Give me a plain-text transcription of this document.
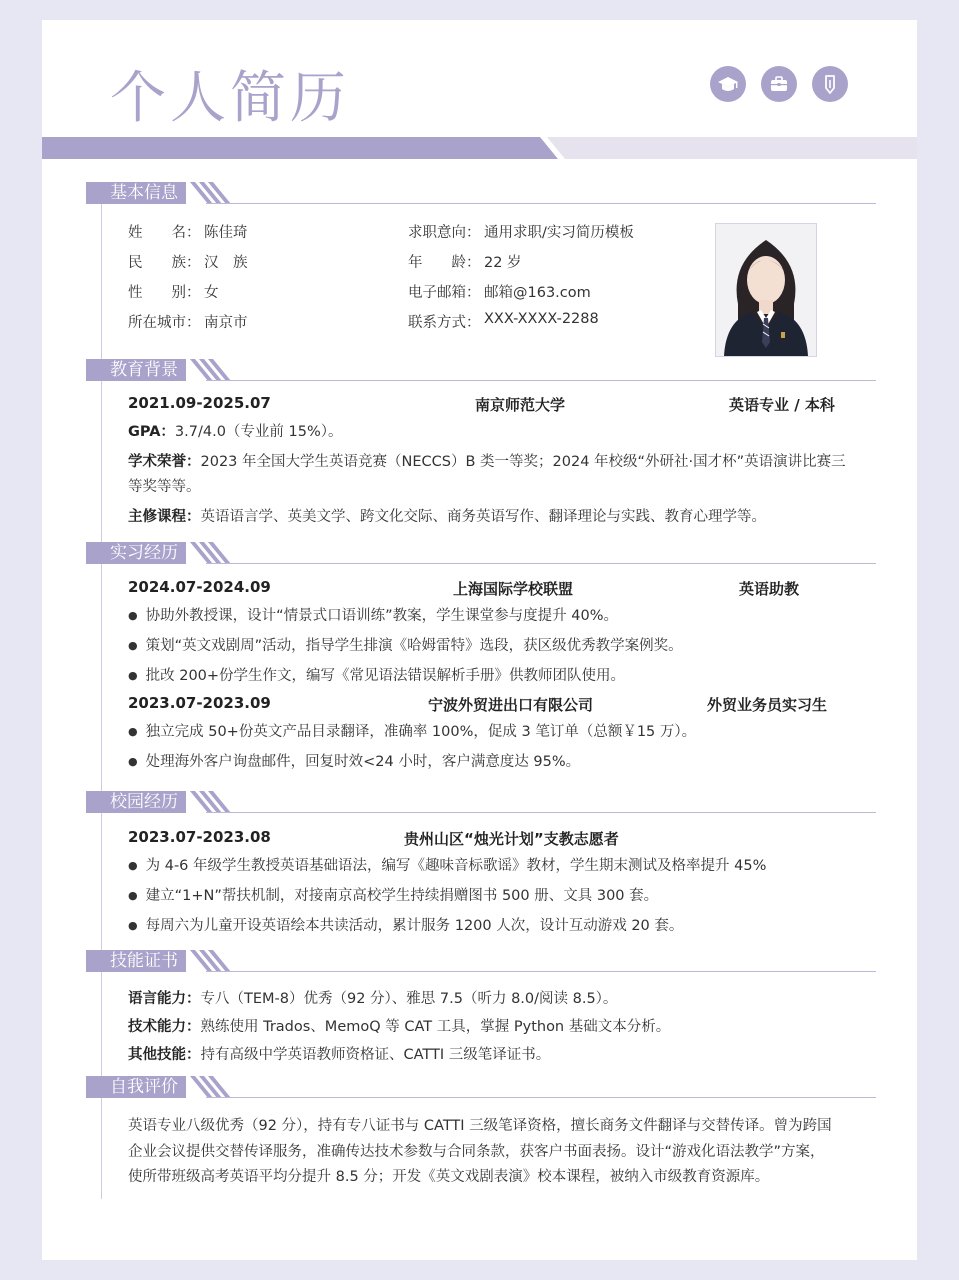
个人简历
基本信息
姓　　名： 陈佳琦
民　　族： 汉　族
性　　别： 女
所在城市： 南京市
求职意向： 通用求职/实习简历模板
年　　龄： 22 岁
电子邮箱： 邮箱@163.com
联系方式： XXX-XXXX-2288
教育背景
2021.09-2025.07	南京师范大学	英语专业 / 本科
GPA：3.7/4.0（专业前 15%）。
学术荣誉：2023 年全国大学生英语竞赛（NECCS）B 类一等奖；2024 年校级“外研社·国才杯”英语演讲比赛三
等奖等等。
主修课程：英语语言学、英美文学、跨文化交际、商务英语写作、翻译理论与实践、教育心理学等。
实习经历
2024.07-2024.09	上海国际学校联盟	英语助教
● 协助外教授课，设计“情景式口语训练”教案，学生课堂参与度提升 40%。
● 策划“英文戏剧周”活动，指导学生排演《哈姆雷特》选段，获区级优秀教学案例奖。
● 批改 200+份学生作文，编写《常见语法错误解析手册》供教师团队使用。
2023.07-2023.09	宁波外贸进出口有限公司	外贸业务员实习生
● 独立完成 50+份英文产品目录翻译，准确率 100%，促成 3 笔订单（总额￥15 万）。
● 处理海外客户询盘邮件，回复时效<24 小时，客户满意度达 95%。
校园经历
2023.07-2023.08	贵州山区“烛光计划”支教志愿者
● 为 4-6 年级学生教授英语基础语法，编写《趣味音标歌谣》教材，学生期末测试及格率提升 45%
● 建立“1+N”帮扶机制，对接南京高校学生持续捐赠图书 500 册、文具 300 套。
● 每周六为儿童开设英语绘本共读活动，累计服务 1200 人次，设计互动游戏 20 套。
技能证书
语言能力：专八（TEM-8）优秀（92 分）、雅思 7.5（听力 8.0/阅读 8.5）。
技术能力：熟练使用 Trados、MemoQ 等 CAT 工具，掌握 Python 基础文本分析。
其他技能：持有高级中学英语教师资格证、CATTI 三级笔译证书。
自我评价
英语专业八级优秀（92 分），持有专八证书与 CATTI 三级笔译资格，擅长商务文件翻译与交替传译。曾为跨国
企业会议提供交替传译服务，准确传达技术参数与合同条款，获客户书面表扬。设计“游戏化语法教学”方案，
使所带班级高考英语平均分提升 8.5 分；开发《英文戏剧表演》校本课程，被纳入市级教育资源库。
